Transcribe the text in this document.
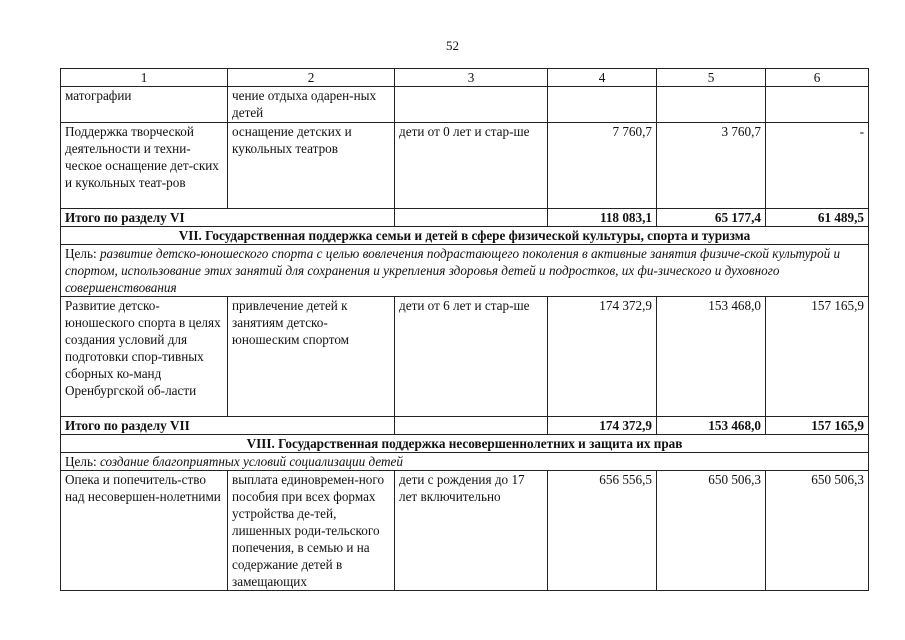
52
1	2	3	4	5	6
матографии	чение отдыха одарен-ных детей				
Поддержка творческой деятельности и техни-ческое оснащение дет-ских и кукольных теат-ров	оснащение детских и кукольных театров	дети от 0 лет и стар-ше	7 760,7	3 760,7	-
Итого по разделу VI			118 083,1	65 177,4	61 489,5
VII. Государственная поддержка семьи и детей в сфере физической культуры, спорта и туризма					
Цель: развитие детско-юношеского спорта с целью вовлечения подрастающего поколения в активные занятия физиче-ской культурой и спортом, использование этих занятий для сохранения и укрепления здоровья детей и подростков, их фи-зического и духовного совершенствования					
Развитие детско-юношеского спорта в целях создания условий для подготовки спор-тивных сборных ко-манд Оренбургской об-ласти	привлечение детей к занятиям детско-юношеским спортом	дети от 6 лет и стар-ше	174 372,9	153 468,0	157 165,9
Итого по разделу VII			174 372,9	153 468,0	157 165,9
VIII. Государственная поддержка несовершеннолетних и защита их прав					
Цель: создание благоприятных условий социализации детей					
Опека и попечитель-ство над несовершен-нолетними	выплата единовремен-ного пособия при всех формах устройства де-тей, лишенных роди-тельского попечения, в семью и на содержание детей в замещающих	дети с рождения до 17 лет включительно	656 556,5	650 506,3	650 506,3
